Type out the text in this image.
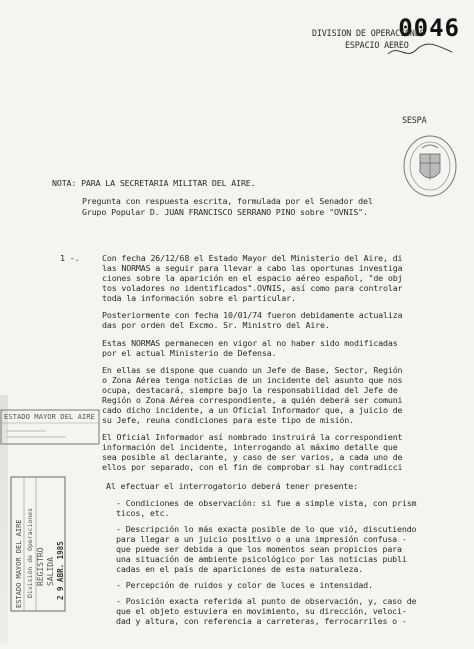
0046
DIVISION DE OPERACIONES
ESPACIO AEREO
SESPA
NOTA: PARA LA SECRETARIA MILITAR DEL AIRE.
Pregunta con respuesta escrita, formulada por el Senador del
Grupo Popular D. JUAN FRANCISCO SERRANO PINO sobre "OVNIS".
1 -.	Con fecha 26/12/68 el Estado Mayor del Ministerio del Aire, di
las NORMAS a seguir para llevar a cabo las oportunas investiga
ciones sobre la aparición en el espacio aéreo español, "de obj
tos voladores no identificados".OVNIS, así como para controlar
toda la información sobre el particular.
Posteriormente con fecha 10/01/74 fueron debidamente actualiza
das por orden del Excmo. Sr. Ministro del Aire.
Estas NORMAS permanecen en vigor al no haber sido modificadas
por el actual Ministerio de Defensa.
En ellas se dispone que cuando un Jefe de Base, Sector, Región
o Zona Aérea tenga noticias de un incidente del asunto que nos
ocupa, destacará, siempre bajo la responsabilidad del Jefe de
Región o Zona Aérea correspondiente, a quién deberá ser comuni
cado dicho incidente, a un Oficial Informador que, a juicio de
su Jefe, reuna condiciones para este tipo de misión.
El Oficial Informador así nombrado instruirá la correspondient
información del incidente, interrogando al máximo detalle que
sea posible al declarante, y caso de ser varios, a cada uno de
ellos por separado, con el fin de comprobar si hay contradicci
Al efectuar el interrogatorio deberá tener presente:
- Condiciones de observación: si fue a simple vista, con prism
ticos, etc.
- Descripción lo más exacta posible de lo que vió, discutiendo
para llegar a un juicio positivo o a una impresión confusa -
que puede ser debida a que los momentos sean propicios para
una situación de ambiente psicológico por las noticias publi
cadas en el país de apariciones de esta naturaleza.
- Percepción de ruidos y color de luces e intensidad.
- Posición exacta referida al punto de observación, y, caso de
que el objeto estuviera en movimiento, su dirección, veloci-
dad y altura, con referencia a carreteras, ferrocarriles o -
ESTADO MAYOR DEL AIRE
ESTADO MAYOR DEL AIRE División de Operaciones REGISTRO SALIDA 2 9 ABR. 1985
